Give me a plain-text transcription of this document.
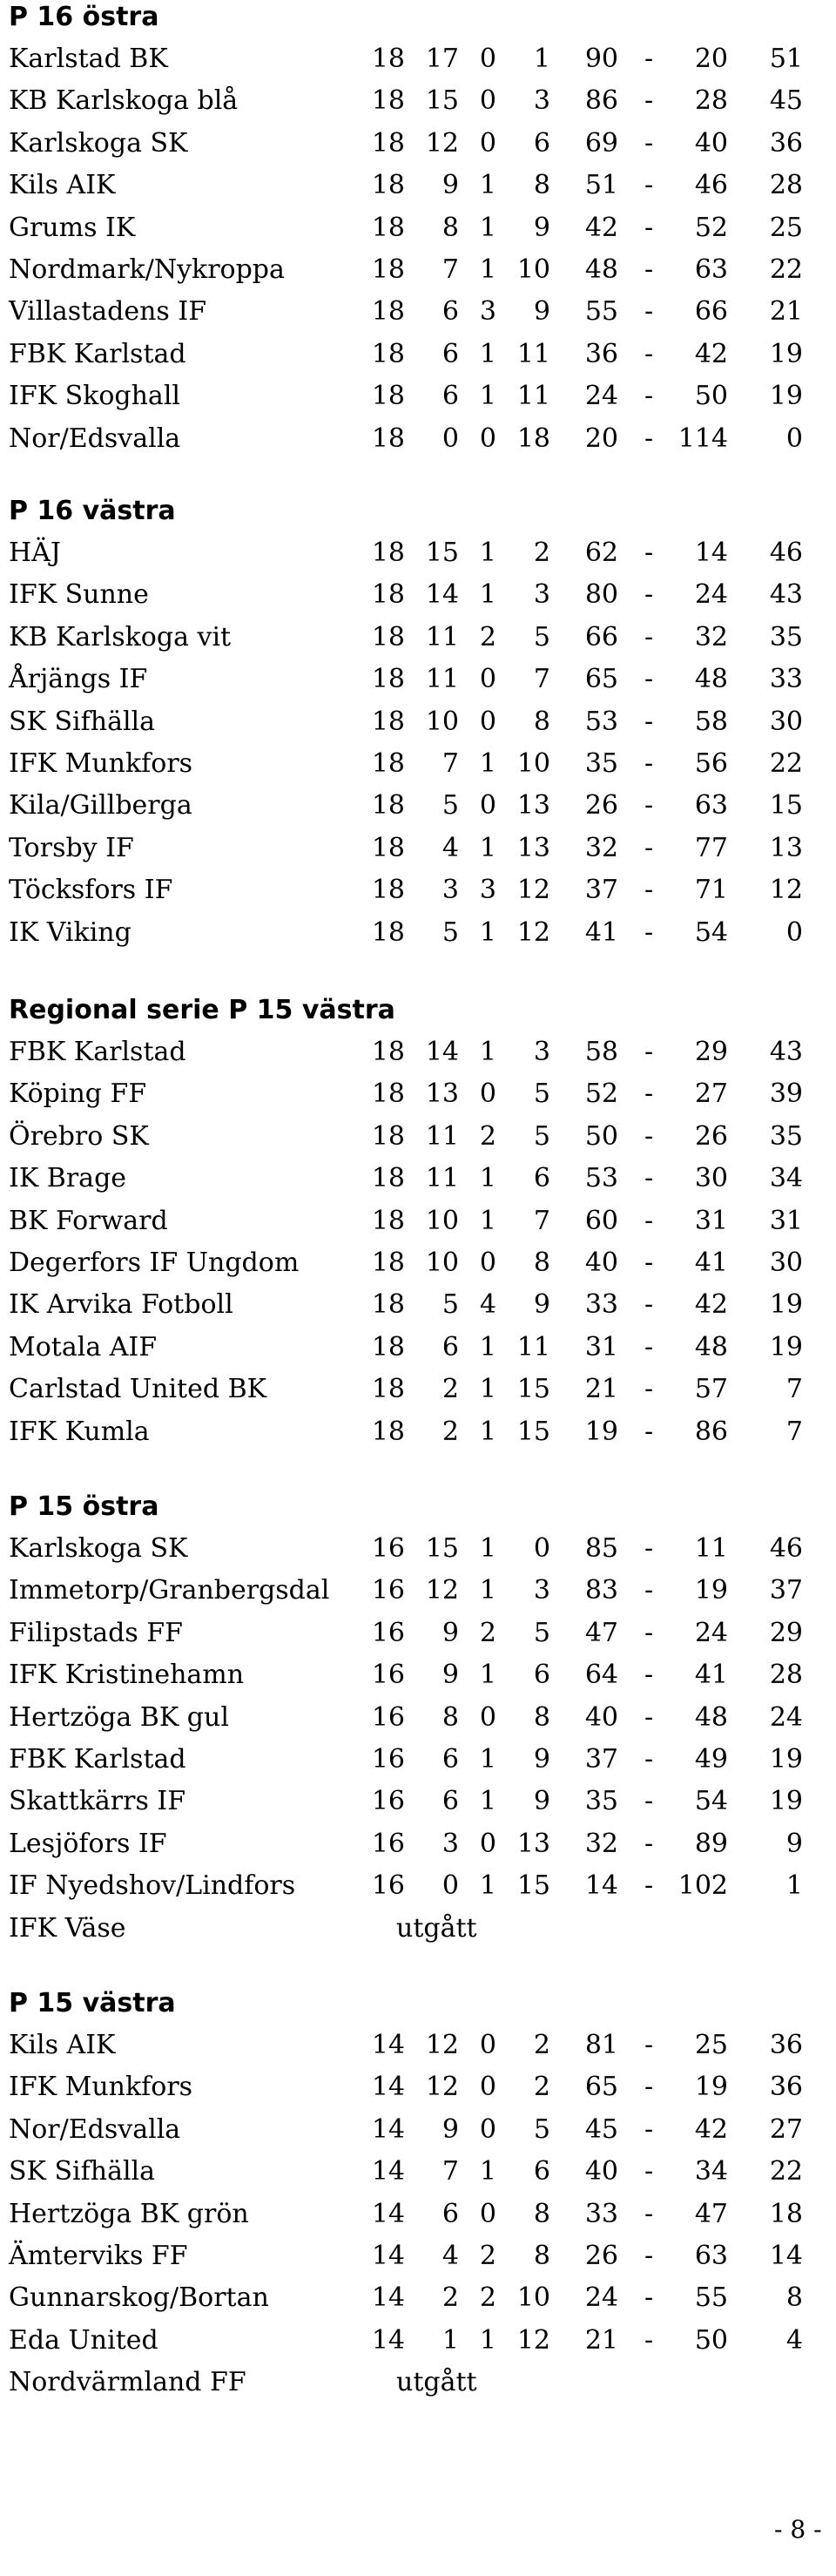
P 16 östra
Karlstad BK	18 17 0 1 90	20 51
-
KB Karlskoga blå	18 15 0 3 86	28 45
-
Karlskoga SK	18 12 0 6 69	40 36
-
Kils AIK	18 9 1 8 51	46 28
-
Grums IK	18 8 1 9 42	52 25
-
Nordmark/Nykroppa	18 7 1 10 48	63 22
-
Villastadens IF	18 6 3 9 55	66 21
-
FBK Karlstad	18 6 1 11 36	42 19
-
IFK Skoghall	18 6 1 11 24	50 19
-
Nor/Edsvalla	18 0 0 18 20 114 0
-
P 16 västra
HÄJ	18 15 1 2 62	14 46
-
IFK Sunne	18 14 1 3 80	24 43
-
KB Karlskoga vit	18 11 2 5 66	32 35
-
Årjängs IF	18 11 0 7 65	48 33
-
SK Sifhälla	18 10 0 8 53	58 30
-
IFK Munkfors	18 7 1 10 35	56 22
-
Kila/Gillberga	18 5 0 13 26	63 15
-
Torsby IF	18 4 1 13 32	77 13
-
Töcksfors IF	18 3 3 12 37	71 12
-
IK Viking	18 5 1 12 41	54 0
-
Regional serie P 15 västra
FBK Karlstad	18 14 1 3 58	29 43
-
Köping FF	18 13 0 5 52	27 39
-
Örebro SK	18 11 2 5 50	26 35
-
IK Brage	18 11 1 6 53	30 34
-
BK Forward	18 10 1 7 60	31 31
-
Degerfors IF Ungdom	18 10 0 8 40	41 30
-
IK Arvika Fotboll	18 5 4 9 33	42 19
-
Motala AIF	18 6 1 11 31	48 19
-
Carlstad United BK	18 2 1 15 21	57 7
-
IFK Kumla	18 2 1 15 19	86 7
-
P 15 östra
Karlskoga SK	16 15 1 0 85	11 46
-
Immetorp/Granbergsdal 16 12 1 3 83	19 37
-
Filipstads FF	16 9 2 5 47	24 29
-
IFK Kristinehamn	16 9 1 6 64	41 28
-
Hertzöga BK gul	16 8 0 8 40	48 24
-
FBK Karlstad	16 6 1 9 37	49 19
-
Skattkärrs IF	16 6 1 9 35	54 19
-
Lesjöfors IF	16 3 0 13 32	89 9
-
IF Nyedshov/Lindfors	16 0 1 15 14 102 1
-
IFK Väse	utgått
P 15 västra
Kils AIK	14 12 0 2 81	25 36
-
IFK Munkfors	14 12 0 2 65	19 36
-
Nor/Edsvalla	14 9 0 5 45	42 27
-
SK Sifhälla	14 7 1 6 40	34 22
-
Hertzöga BK grön	14 6 0 8 33	47 18
-
Ämterviks FF	14 4 2 8 26	63 14
-
Gunnarskog/Bortan	14 2 2 10 24	55 8
-
Eda United	14 1 1 12 21	50 4
-
Nordvärmland FF	utgått
- 8 -
